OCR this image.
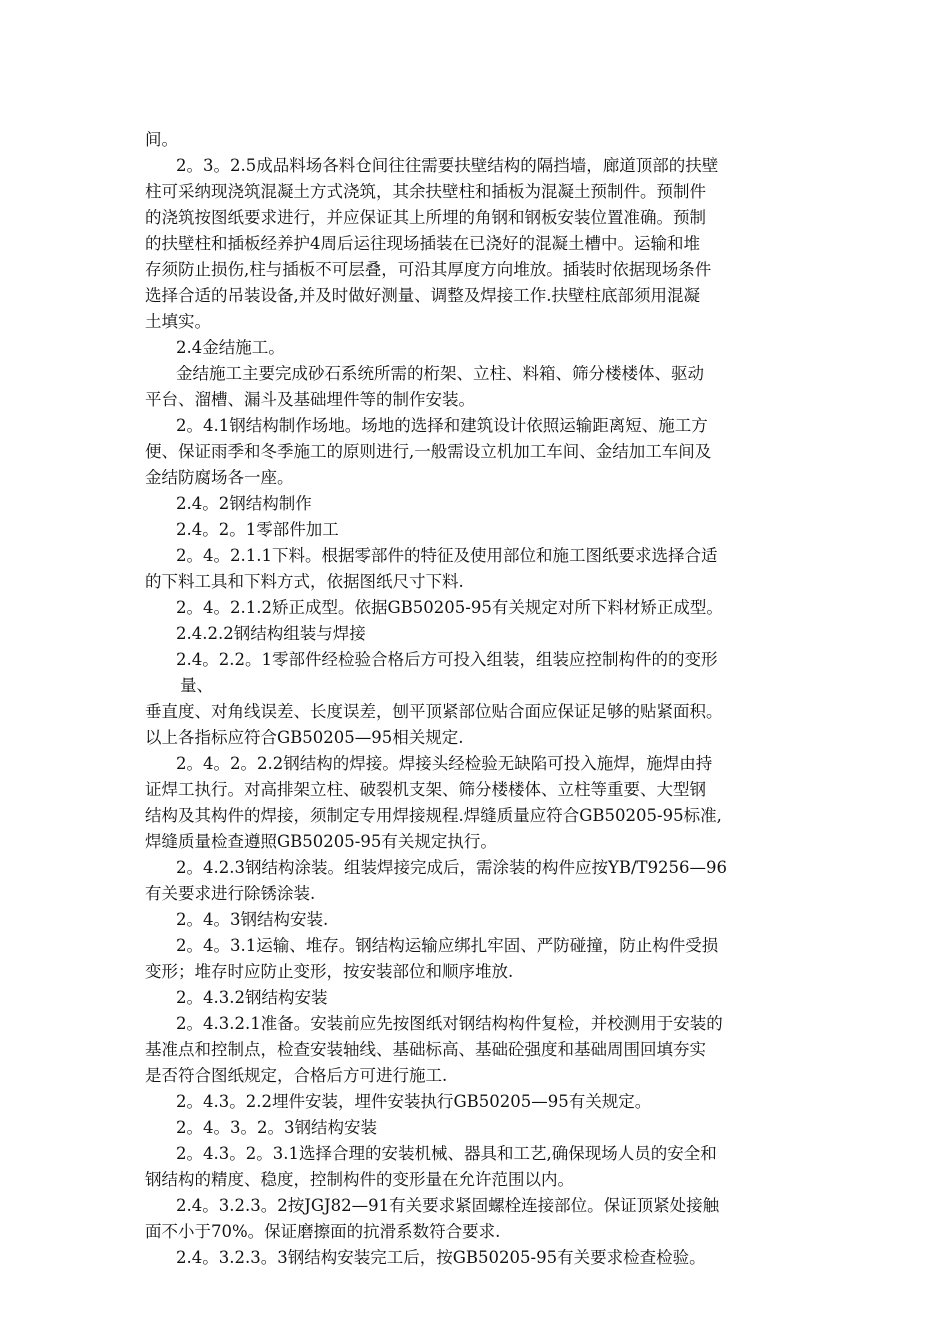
间。
2。3。2.5成品料场各料仓间往往需要扶壁结构的隔挡墙，廊道顶部的扶壁
柱可采纳现浇筑混凝土方式浇筑，其余扶壁柱和插板为混凝土预制件。预制件
的浇筑按图纸要求进行，并应保证其上所埋的角钢和钢板安装位置准确。预制
的扶壁柱和插板经养护4周后运往现场插装在已浇好的混凝土槽中。运输和堆
存须防止损伤,柱与插板不可层叠，可沿其厚度方向堆放。插装时依据现场条件
选择合适的吊装设备,并及时做好测量、调整及焊接工作.扶壁柱底部须用混凝
土填实。
2.4金结施工。
金结施工主要完成砂石系统所需的桁架、立柱、料箱、筛分楼楼体、驱动
平台、溜槽、漏斗及基础埋件等的制作安装。
2。4.1钢结构制作场地。场地的选择和建筑设计依照运输距离短、施工方
便、保证雨季和冬季施工的原则进行,一般需设立机加工车间、金结加工车间及
金结防腐场各一座。
2.4。2钢结构制作
2.4。2。1零部件加工
2。4。2.1.1下料。根据零部件的特征及使用部位和施工图纸要求选择合适
的下料工具和下料方式，依据图纸尺寸下料.
2。4。2.1.2矫正成型。依据GB50205-95有关规定对所下料材矫正成型。
2.4.2.2钢结构组装与焊接
2.4。2.2。1零部件经检验合格后方可投入组装，组装应控制构件的的变形
量、
垂直度、对角线误差、长度误差，刨平顶紧部位贴合面应保证足够的贴紧面积。
以上各指标应符合GB50205—95相关规定.
2。4。2。2.2钢结构的焊接。焊接头经检验无缺陷可投入施焊，施焊由持
证焊工执行。对高排架立柱、破裂机支架、筛分楼楼体、立柱等重要、大型钢
结构及其构件的焊接，须制定专用焊接规程.焊缝质量应符合GB50205-95标准,
焊缝质量检查遵照GB50205-95有关规定执行。
2。4.2.3钢结构涂装。组装焊接完成后，需涂装的构件应按YB/T9256—96
有关要求进行除锈涂装.
2。4。3钢结构安装.
2。4。3.1运输、堆存。钢结构运输应绑扎牢固、严防碰撞，防止构件受损
变形；堆存时应防止变形，按安装部位和顺序堆放.
2。4.3.2钢结构安装
2。4.3.2.1准备。安装前应先按图纸对钢结构构件复检，并校测用于安装的
基准点和控制点，检查安装轴线、基础标高、基础砼强度和基础周围回填夯实
是否符合图纸规定，合格后方可进行施工.
2。4.3。2.2埋件安装，埋件安装执行GB50205—95有关规定。
2。4。3。2。3钢结构安装
2。4.3。2。3.1选择合理的安装机械、器具和工艺,确保现场人员的安全和
钢结构的精度、稳度，控制构件的变形量在允许范围以内。
2.4。3.2.3。2按JGJ82—91有关要求紧固螺栓连接部位。保证顶紧处接触
面不小于70%。保证磨擦面的抗滑系数符合要求.
2.4。3.2.3。3钢结构安装完工后，按GB50205-95有关要求检查检验。
